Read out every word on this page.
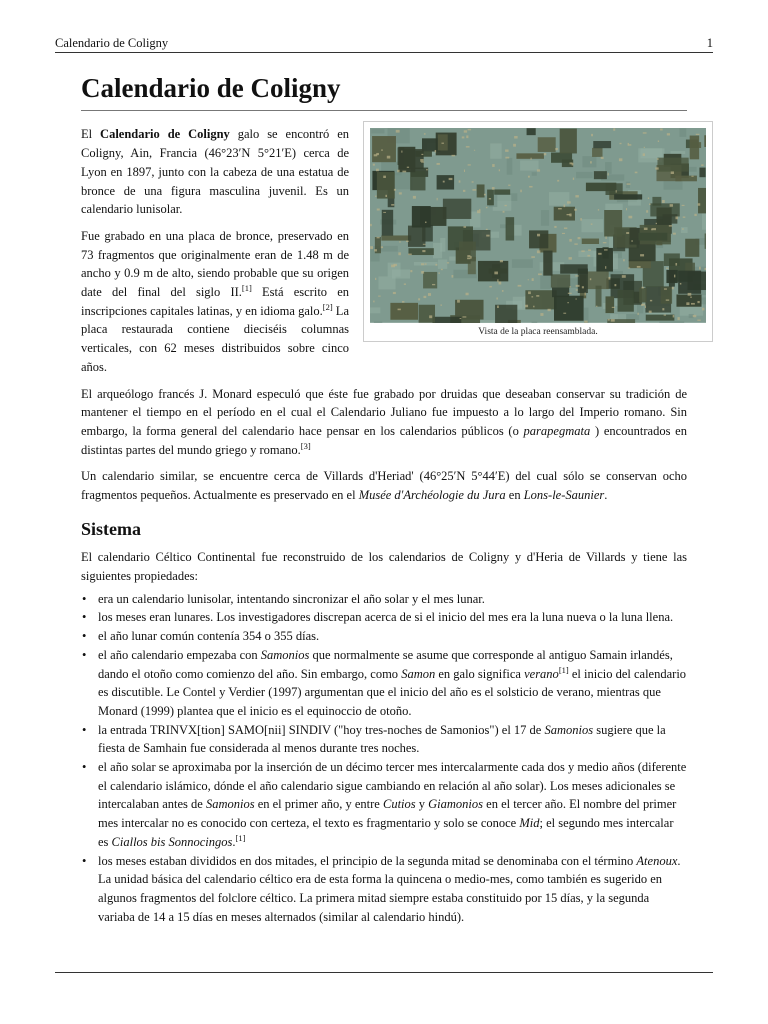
Calendario de Coligny	1
Calendario de Coligny
Vista de la placa reensamblada.

El Calendario de Coligny galo se encontró en Coligny, Ain, Francia (46°23′N 5°21′E) cerca de Lyon en 1897, junto con la cabeza de una estatua de bronce de una figura masculina juvenil. Es un calendario lunisolar.

Fue grabado en una placa de bronce, preservado en 73 fragmentos que originalmente eran de 1.48 m de ancho y 0.9 m de alto, siendo probable que su origen date del final del siglo II.[1] Está escrito en inscripciones capitales latinas, y en idioma galo.[2] La placa restaurada contiene dieciséis columnas verticales, con 62 meses distribuidos sobre cinco años.

El arqueólogo francés J. Monard especuló que éste fue grabado por druidas que deseaban conservar su tradición de mantener el tiempo en el período en el cual el Calendario Juliano fue impuesto a lo largo del Imperio romano. Sin embargo, la forma general del calendario hace pensar en los calendarios públicos (o parapegmata ) encountrados en distintas partes del mundo griego y romano.[3]

Un calendario similar, se encuentre cerca de Villards d'Heriad' (46°25′N 5°44′E) del cual sólo se conservan ocho fragmentos pequeños. Actualmente es preservado en el Musée d'Archéologie du Jura en Lons-le-Saunier.

Sistema

El calendario Céltico Continental fue reconstruido de los calendarios de Coligny y d'Heria de Villards y tiene las siguientes propiedades:

• era un calendario lunisolar, intentando sincronizar el año solar y el mes lunar.
• los meses eran lunares. Los investigadores discrepan acerca de si el inicio del mes era la luna nueva o la luna llena.
• el año lunar común contenía 354 o 355 días.
• el año calendario empezaba con Samonios que normalmente se asume que corresponde al antiguo Samain irlandés, dando el otoño como comienzo del año. Sin embargo, como Samon en galo significa verano[1] el inicio del calendario es discutible. Le Contel y Verdier (1997) argumentan que el inicio del año es el solsticio de verano, mientras que Monard (1999) plantea que el inicio es el equinoccio de otoño.
• la entrada TRINVX[tion] SAMO[nii] SINDIV ("hoy tres-noches de Samonios") el 17 de Samonios sugiere que la fiesta de Samhain fue considerada al menos durante tres noches.
• el año solar se aproximaba por la inserción de un décimo tercer mes intercalarmente cada dos y medio años (diferente el calendario islámico, dónde el año calendario sigue cambiando en relación al año solar). Los meses adicionales se intercalaban antes de Samonios en el primer año, y entre Cutios y Giamonios en el tercer año. El nombre del primer mes intercalar no es conocido con certeza, el texto es fragmentario y solo se conoce Mid; el segundo mes intercalar es Ciallos bis Sonnocingos.[1]
• los meses estaban divididos en dos mitades, el principio de la segunda mitad se denominaba con el término Atenoux. La unidad básica del calendario céltico era de esta forma la quincena o medio-mes, como también es sugerido en algunos fragmentos del folclore céltico. La primera mitad siempre estaba constituido por 15 días, y la segunda variaba de 14 a 15 días en meses alternados (similar al calendario hindú).
